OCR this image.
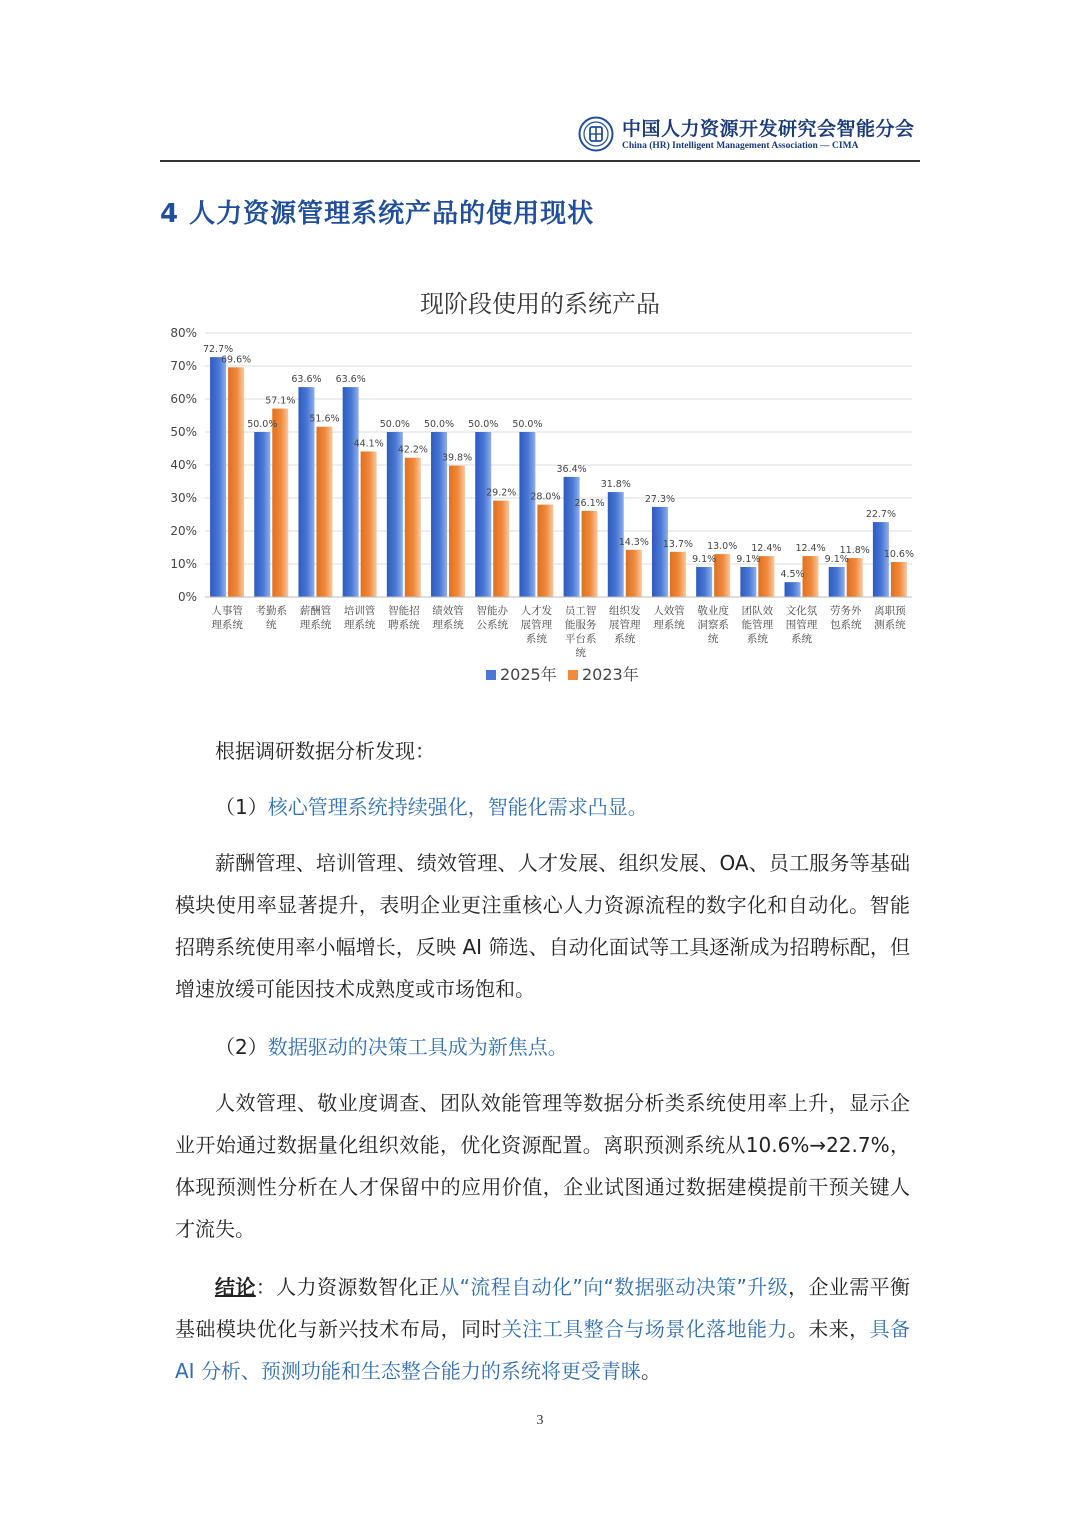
中国人力资源开发研究会智能分会
China (HR) Intelligent Management Association — CIMA
4 人力资源管理系统产品的使用现状
现阶段使用的系统产品
0%
10%
20%
30%
40%
50%
60%
70%
80%
72.7%
69.6%
50.0%
57.1%
63.6%
51.6%
63.6%
44.1%
50.0%
42.2%
50.0%
39.8%
50.0%
29.2%
50.0%
28.0%
36.4%
26.1%
31.8%
14.3%
27.3%
13.7%
9.1%
13.0%
9.1%
12.4%
4.5%
12.4%
9.1%
11.8%
22.7%
10.6%
人事管
理系统
考勤系
统
薪酬管
理系统
培训管
理系统
智能招
聘系统
绩效管
理系统
智能办
公系统
人才发
展管理
系统
员工智
能服务
平台系
统
组织发
展管理
系统
人效管
理系统
敬业度
洞察系
统
团队效
能管理
系统
文化氛
围管理
系统
劳务外
包系统
离职预
测系统
2025年 2023年

根据调研数据分析发现：

（1）核心管理系统持续强化，智能化需求凸显。

薪酬管理、培训管理、绩效管理、人才发展、组织发展、OA、员工服务等基础模块使用率显著提升，表明企业更注重核心人力资源流程的数字化和自动化。智能招聘系统使用率小幅增长，反映 AI 筛选、自动化面试等工具逐渐成为招聘标配，但增速放缓可能因技术成熟度或市场饱和。

（2）数据驱动的决策工具成为新焦点。

人效管理、敬业度调查、团队效能管理等数据分析类系统使用率上升，显示企业开始通过数据量化组织效能，优化资源配置。离职预测系统从10.6%→22.7%，体现预测性分析在人才保留中的应用价值，企业试图通过数据建模提前干预关键人才流失。

结论：人力资源数智化正从“流程自动化”向“数据驱动决策”升级，企业需平衡基础模块优化与新兴技术布局，同时关注工具整合与场景化落地能力。未来，具备 AI 分析、预测功能和生态整合能力的系统将更受青睐。

3
